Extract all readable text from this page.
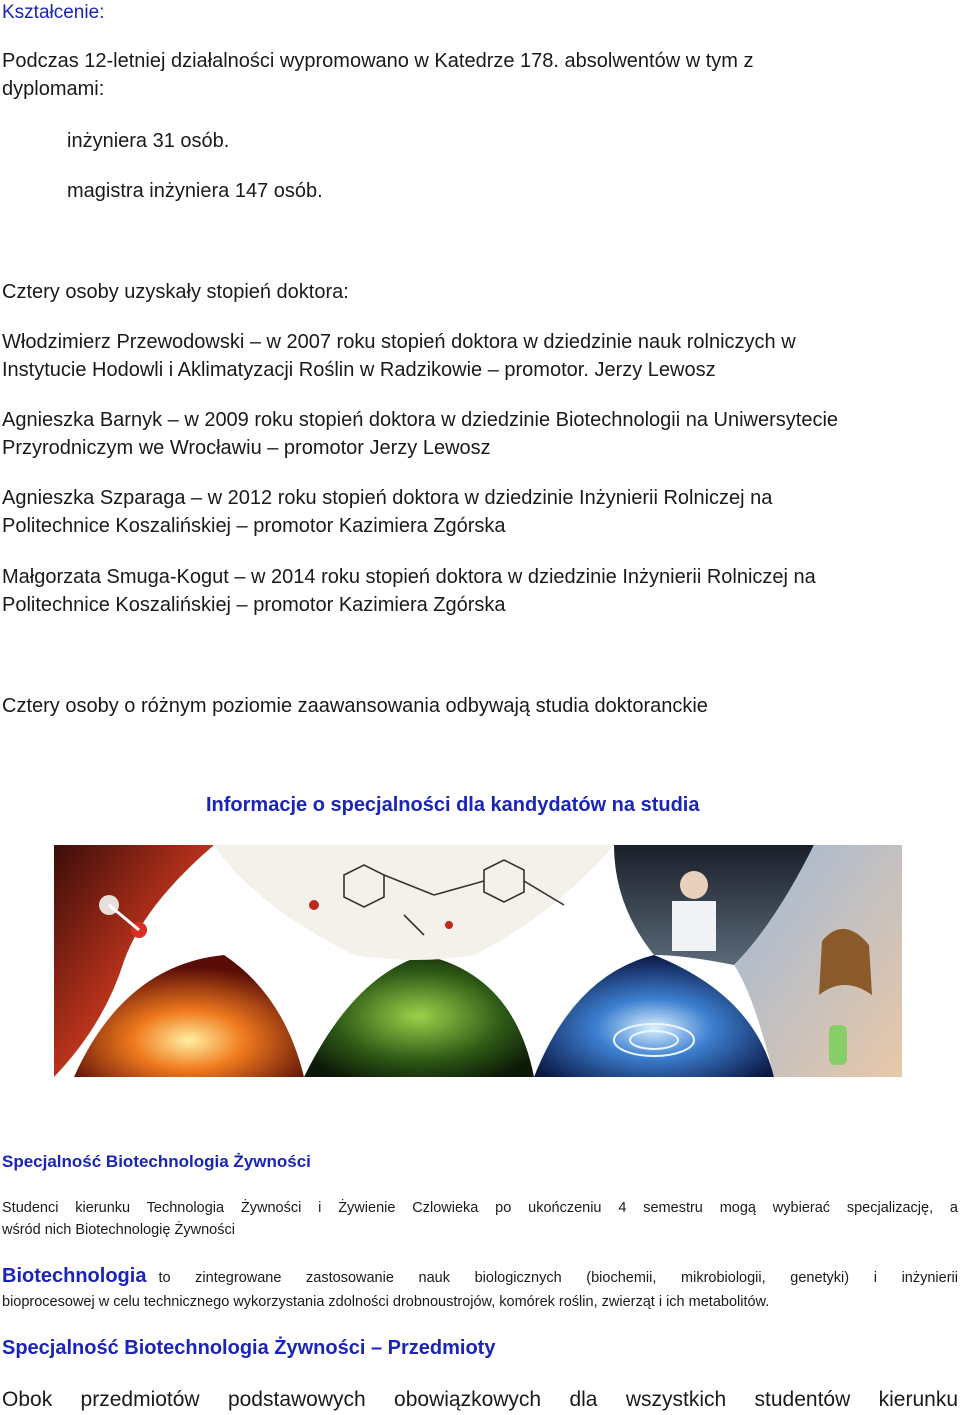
Kształcenie:
Podczas 12-letniej działalności wypromowano w Katedrze 178. absolwentów w tym z
dyplomami:
inżyniera 31 osób.
magistra inżyniera 147 osób.
Cztery osoby uzyskały stopień doktora:
Włodzimierz Przewodowski – w 2007 roku stopień doktora w dziedzinie nauk rolniczych w
Instytucie Hodowli i Aklimatyzacji Roślin w Radzikowie – promotor. Jerzy Lewosz
Agnieszka Barnyk – w 2009 roku stopień doktora w dziedzinie Biotechnologii na Uniwersytecie
Przyrodniczym we Wrocławiu – promotor Jerzy Lewosz
Agnieszka Szparaga – w 2012 roku stopień doktora w dziedzinie Inżynierii Rolniczej na
Politechnice Koszalińskiej – promotor Kazimiera Zgórska
Małgorzata Smuga-Kogut – w 2014 roku stopień doktora w dziedzinie Inżynierii Rolniczej na
Politechnice Koszalińskiej – promotor Kazimiera Zgórska
Cztery osoby o różnym poziomie zaawansowania odbywają studia doktoranckie
Informacje o specjalności dla kandydatów na studia
Specjalność Biotechnologia Żywności
Studenci kierunku Technologia Żywności i Żywienie Czlowieka po ukończeniu 4 semestru mogą wybierać specjalizację, a
wśród nich Biotechnologię Żywności
Biotechnologia to zintegrowane zastosowanie nauk biologicznych (biochemii, mikrobiologii, genetyki) i inżynierii
bioprocesowej w celu technicznego wykorzystania zdolności drobnoustrojów, komórek roślin, zwierząt i ich metabolitów.
Specjalność Biotechnologia Żywności – Przedmioty
Obok przedmiotów podstawowych obowiązkowych dla wszystkich studentów kierunku
